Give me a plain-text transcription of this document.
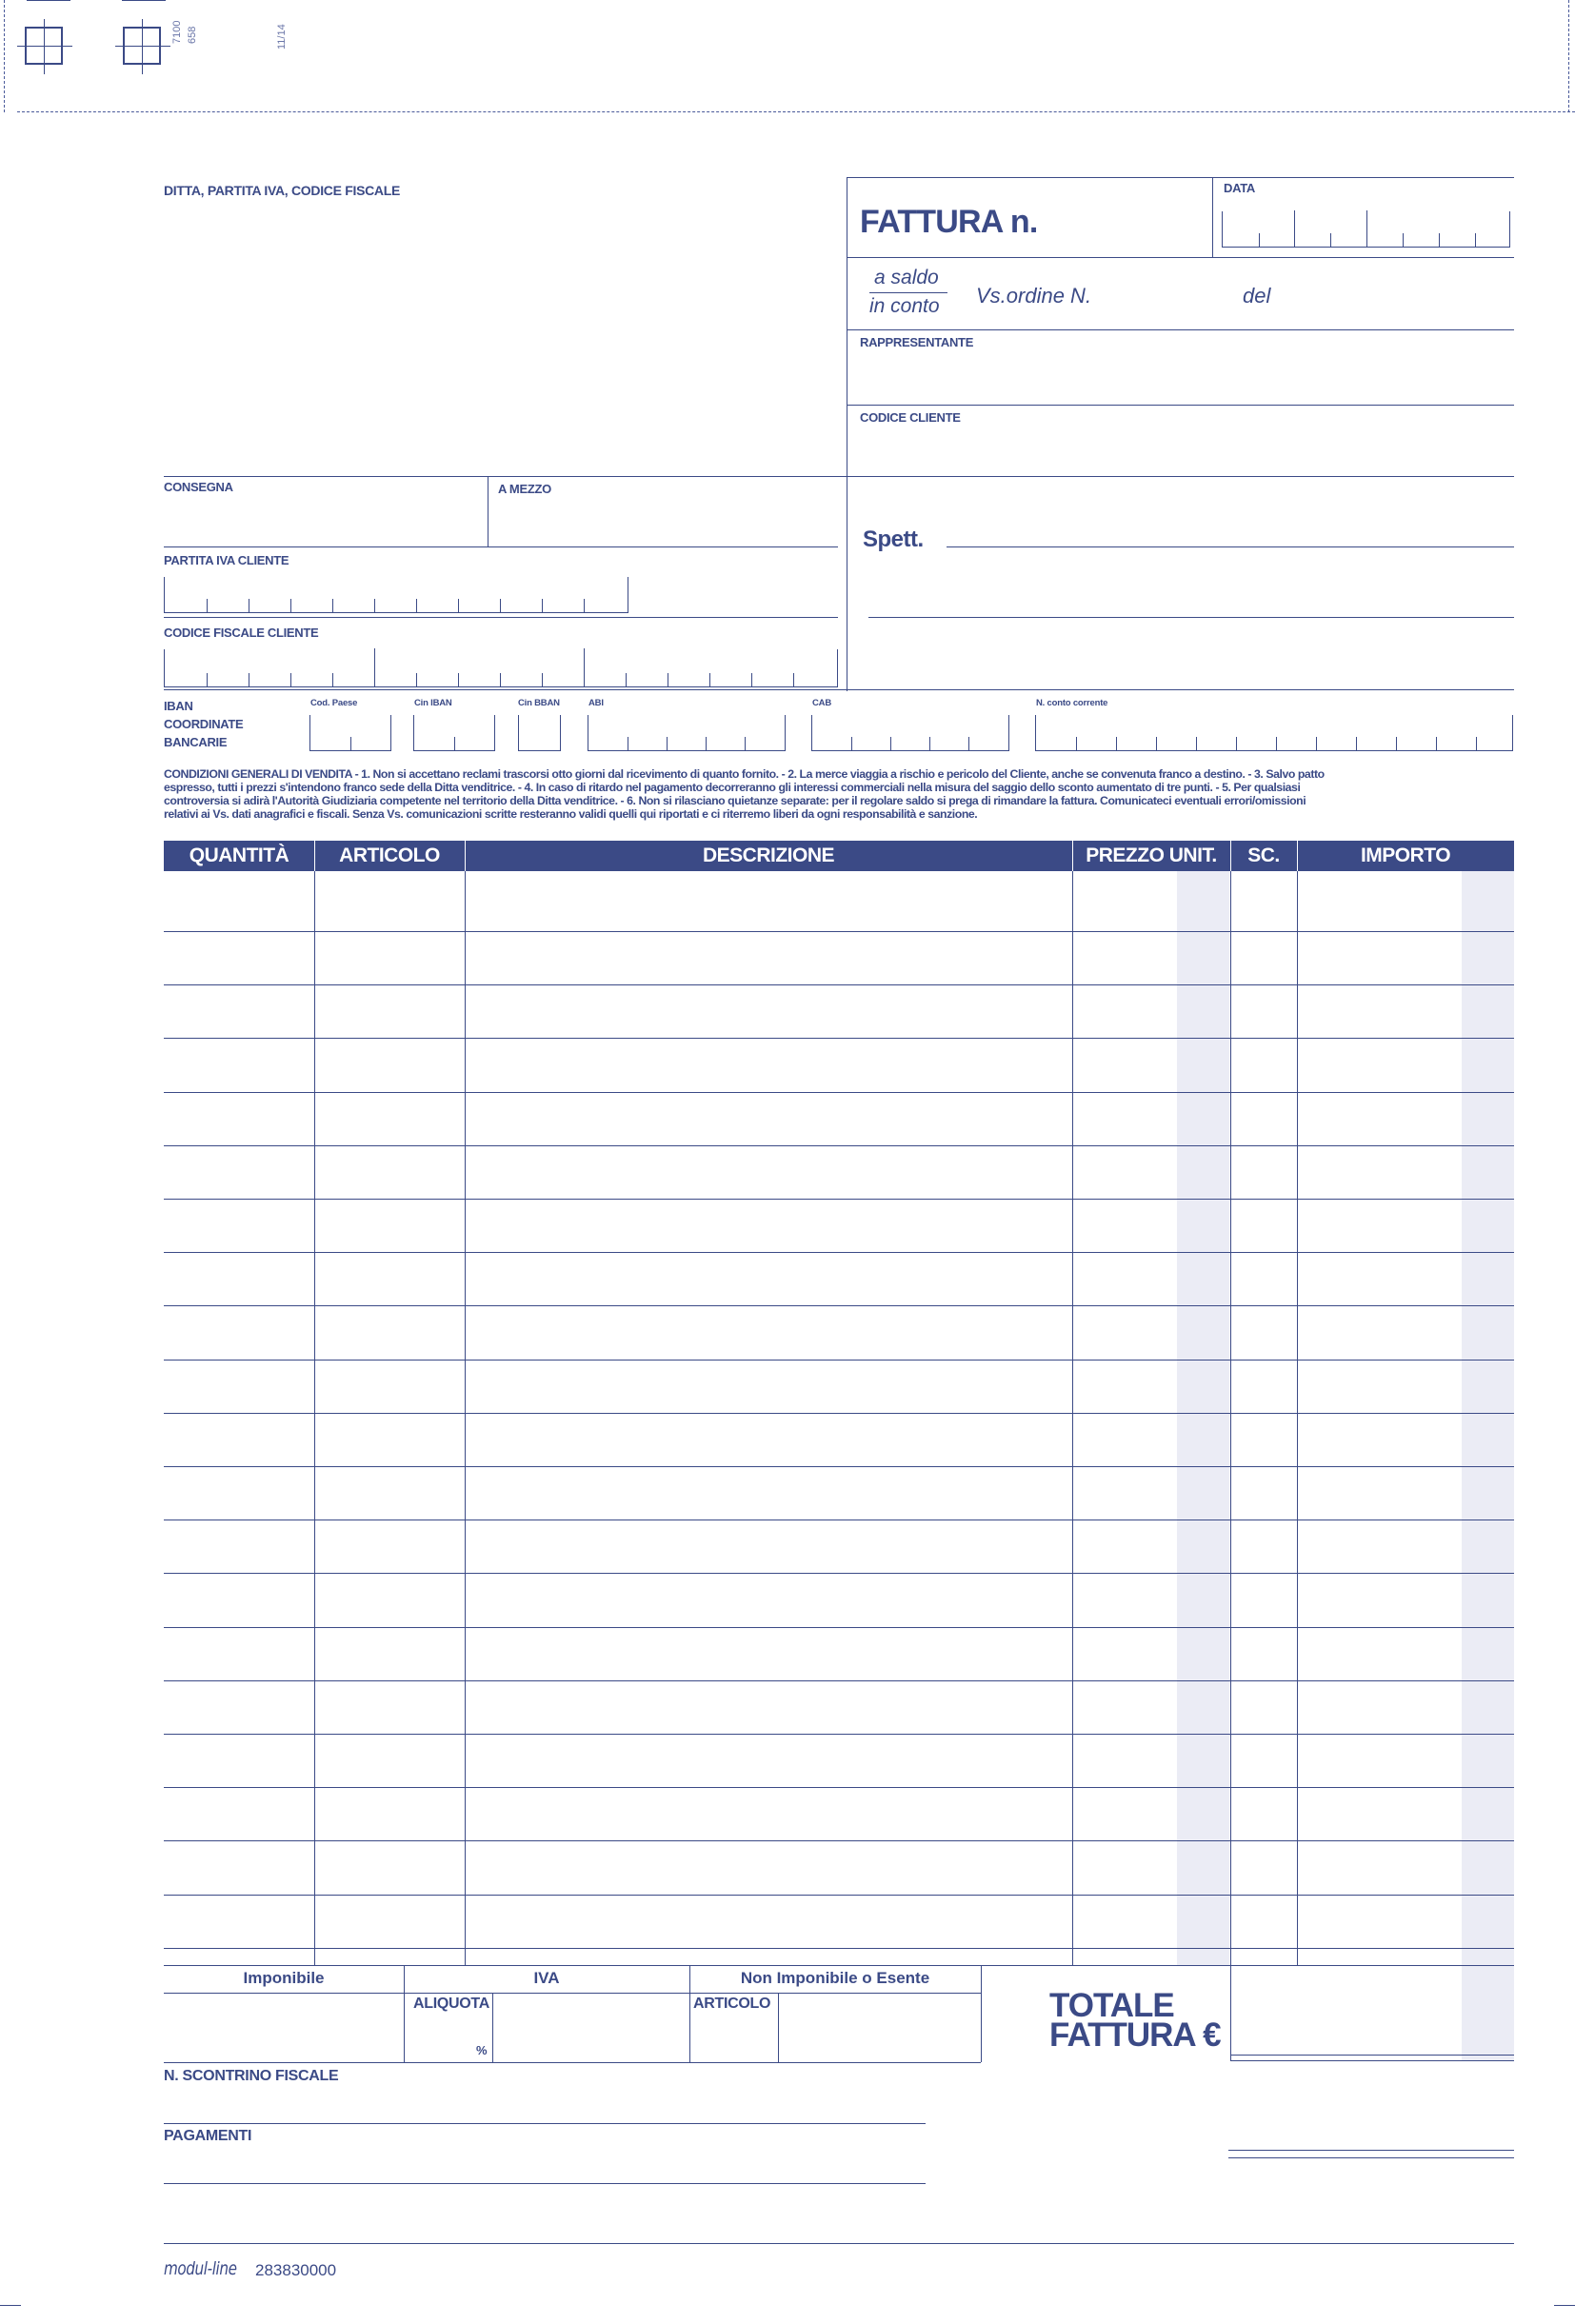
7100 658	11/14
DITTA, PARTITA IVA, CODICE FISCALE
FATTURA n.
DATA
a saldo
in conto Vs.ordine N.	del
RAPPRESENTANTE
CODICE CLIENTE
CONSEGNA	A MEZZO
Spett.
PARTITA IVA CLIENTE
CODICE FISCALE CLIENTE
IBAN
COORDINATE
BANCARIE
Cod. Paese	Cin IBAN	Cin BBAN	ABI	CAB	N. conto corrente
CONDIZIONI GENERALI DI VENDITA - 1. Non si accettano reclami trascorsi otto giorni dal ricevimento di quanto fornito. - 2. La merce viaggia a rischio e pericolo del Cliente, anche se convenuta franco a destino. - 3. Salvo patto
espresso, tutti i prezzi s'intendono franco sede della Ditta venditrice. - 4. In caso di ritardo nel pagamento decorreranno gli interessi commerciali nella misura del saggio dello sconto aumentato di tre punti. - 5. Per qualsiasi
controversia si adirà l'Autorità Giudiziaria competente nel territorio della Ditta venditrice. - 6. Non si rilasciano quietanze separate: per il regolare saldo si prega di rimandare la fattura. Comunicateci eventuali errori/omissioni
relativi ai Vs. dati anagrafici e fiscali. Senza Vs. comunicazioni scritte resteranno validi quelli qui riportati e ci riterremo liberi da ogni responsabilità e sanzione.
QUANTITÀ	ARTICOLO	DESCRIZIONE	PREZZO UNIT.	SC.	IMPORTO
Imponibile	IVA	Non Imponibile o Esente
ALIQUOTA
%
ARTICOLO	TOTALE
FATTURA €
N. SCONTRINO FISCALE
PAGAMENTI
modul-line 283830000
